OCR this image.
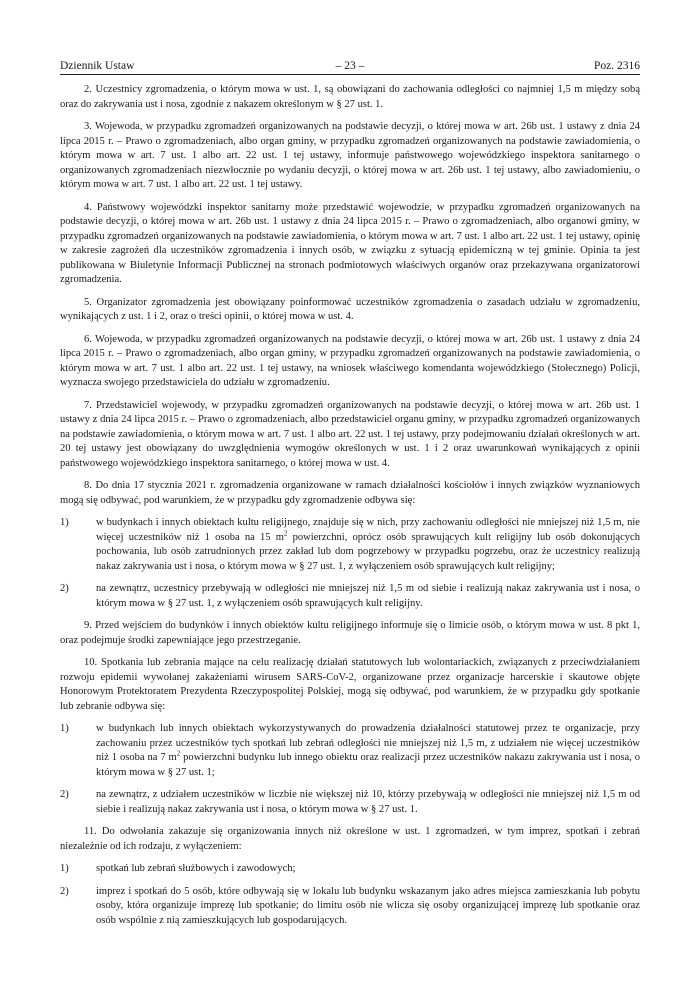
Dziennik Ustaw	– 23 –	Poz. 2316

2. Uczestnicy zgromadzenia, o którym mowa w ust. 1, są obowiązani do zachowania odległości co najmniej 1,5 m między sobą oraz do zakrywania ust i nosa, zgodnie z nakazem określonym w § 27 ust. 1.

3. Wojewoda, w przypadku zgromadzeń organizowanych na podstawie decyzji, o której mowa w art. 26b ust. 1 ustawy z dnia 24 lipca 2015 r. – Prawo o zgromadzeniach, albo organ gminy, w przypadku zgromadzeń organizowanych na podstawie zawiadomienia, o którym mowa w art. 7 ust. 1 albo art. 22 ust. 1 tej ustawy, informuje państwowego wojewódzkiego inspektora sanitarnego o organizowanych zgromadzeniach niezwłocznie po wydaniu decyzji, o której mowa w art. 26b ust. 1 tej ustawy, albo zawiadomieniu, o którym mowa w art. 7 ust. 1 albo art. 22 ust. 1 tej ustawy.

4. Państwowy wojewódzki inspektor sanitarny może przedstawić wojewodzie, w przypadku zgromadzeń organizowanych na podstawie decyzji, o której mowa w art. 26b ust. 1 ustawy z dnia 24 lipca 2015 r. – Prawo o zgromadzeniach, albo organowi gminy, w przypadku zgromadzeń organizowanych na podstawie zawiadomienia, o którym mowa w art. 7 ust. 1 albo art. 22 ust. 1 tej ustawy, opinię w zakresie zagrożeń dla uczestników zgromadzenia i innych osób, w związku z sytuacją epidemiczną w tej gminie. Opinia ta jest publikowana w Biuletynie Informacji Publicznej na stronach podmiotowych właściwych organów oraz przekazywana organizatorowi zgromadzenia.

5. Organizator zgromadzenia jest obowiązany poinformować uczestników zgromadzenia o zasadach udziału w zgromadzeniu, wynikających z ust. 1 i 2, oraz o treści opinii, o której mowa w ust. 4.

6. Wojewoda, w przypadku zgromadzeń organizowanych na podstawie decyzji, o której mowa w art. 26b ust. 1 ustawy z dnia 24 lipca 2015 r. – Prawo o zgromadzeniach, albo organ gminy, w przypadku zgromadzeń organizowanych na podstawie zawiadomienia, o którym mowa w art. 7 ust. 1 albo art. 22 ust. 1 tej ustawy, na wniosek właściwego komendanta wojewódzkiego (Stołecznego) Policji, wyznacza swojego przedstawiciela do udziału w zgromadzeniu.

7. Przedstawiciel wojewody, w przypadku zgromadzeń organizowanych na podstawie decyzji, o której mowa w art. 26b ust. 1 ustawy z dnia 24 lipca 2015 r. – Prawo o zgromadzeniach, albo przedstawiciel organu gminy, w przypadku zgromadzeń organizowanych na podstawie zawiadomienia, o którym mowa w art. 7 ust. 1 albo art. 22 ust. 1 tej ustawy, przy podejmowaniu działań określonych w art. 20 tej ustawy jest obowiązany do uwzględnienia wymogów określonych w ust. 1 i 2 oraz uwarunkowań wynikających z opinii państwowego wojewódzkiego inspektora sanitarnego, o której mowa w ust. 4.

8. Do dnia 17 stycznia 2021 r. zgromadzenia organizowane w ramach działalności kościołów i innych związków wyznaniowych mogą się odbywać, pod warunkiem, że w przypadku gdy zgromadzenie odbywa się:

1)	w budynkach i innych obiektach kultu religijnego, znajduje się w nich, przy zachowaniu odległości nie mniejszej niż 1,5 m, nie więcej uczestników niż 1 osoba na 15 $m^2$ powierzchni, oprócz osób sprawujących kult religijny lub osób dokonujących pochowania, lub osób zatrudnionych przez zakład lub dom pogrzebowy w przypadku pogrzebu, oraz że uczestnicy realizują nakaz zakrywania ust i nosa, o którym mowa w § 27 ust. 1, z wyłączeniem osób sprawujących kult religijny;
2)	na zewnątrz, uczestnicy przebywają w odległości nie mniejszej niż 1,5 m od siebie i realizują nakaz zakrywania ust i nosa, o którym mowa w § 27 ust. 1, z wyłączeniem osób sprawujących kult religijny.

9. Przed wejściem do budynków i innych obiektów kultu religijnego informuje się o limicie osób, o którym mowa w ust. 8 pkt 1, oraz podejmuje środki zapewniające jego przestrzeganie.

10. Spotkania lub zebrania mające na celu realizację działań statutowych lub wolontariackich, związanych z przeciwdziałaniem rozwoju epidemii wywołanej zakażeniami wirusem SARS-CoV-2, organizowane przez organizacje harcerskie i skautowe objęte Honorowym Protektoratem Prezydenta Rzeczypospolitej Polskiej, mogą się odbywać, pod warunkiem, że w przypadku gdy spotkanie lub zebranie odbywa się:

1)	w budynkach lub innych obiektach wykorzystywanych do prowadzenia działalności statutowej przez te organizacje, przy zachowaniu przez uczestników tych spotkań lub zebrań odległości nie mniejszej niż 1,5 m, z udziałem nie więcej uczestników niż 1 osoba na 7 $m^2$ powierzchni budynku lub innego obiektu oraz realizacji przez uczestników nakazu zakrywania ust i nosa, o którym mowa w § 27 ust. 1;
2)	na zewnątrz, z udziałem uczestników w liczbie nie większej niż 10, którzy przebywają w odległości nie mniejszej niż 1,5 m od siebie i realizują nakaz zakrywania ust i nosa, o którym mowa w § 27 ust. 1.

11. Do odwołania zakazuje się organizowania innych niż określone w ust. 1 zgromadzeń, w tym imprez, spotkań i zebrań niezależnie od ich rodzaju, z wyłączeniem:

1)	spotkań lub zebrań służbowych i zawodowych;
2)	imprez i spotkań do 5 osób, które odbywają się w lokalu lub budynku wskazanym jako adres miejsca zamieszkania lub pobytu osoby, która organizuje imprezę lub spotkanie; do limitu osób nie wlicza się osoby organizującej imprezę lub spotkanie oraz osób wspólnie z nią zamieszkujących lub gospodarujących.
